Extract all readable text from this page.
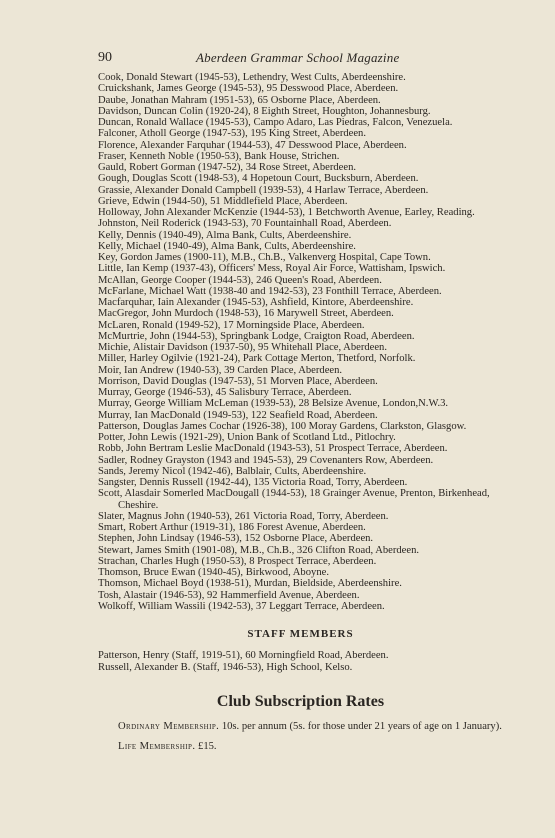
90	Aberdeen Grammar School Magazine
Cook, Donald Stewart (1945-53), Lethendry, West Cults, Aberdeenshire.
Cruickshank, James George (1945-53), 95 Desswood Place, Aberdeen.
Daube, Jonathan Mahram (1951-53), 65 Osborne Place, Aberdeen.
Davidson, Duncan Colin (1920-24), 8 Eighth Street, Houghton, Johannesburg.
Duncan, Ronald Wallace (1945-53), Campo Adaro, Las Piedras, Falcon, Venezuela.
Falconer, Atholl George (1947-53), 195 King Street, Aberdeen.
Florence, Alexander Farquhar (1944-53), 47 Desswood Place, Aberdeen.
Fraser, Kenneth Noble (1950-53), Bank House, Strichen.
Gauld, Robert Gorman (1947-52), 34 Rose Street, Aberdeen.
Gough, Douglas Scott (1948-53), 4 Hopetoun Court, Bucksburn, Aberdeen.
Grassie, Alexander Donald Campbell (1939-53), 4 Harlaw Terrace, Aberdeen.
Grieve, Edwin (1944-50), 51 Middlefield Place, Aberdeen.
Holloway, John Alexander McKenzie (1944-53), 1 Betchworth Avenue, Earley, Reading.
Johnston, Neil Roderick (1943-53), 70 Fountainhall Road, Aberdeen.
Kelly, Dennis (1940-49), Alma Bank, Cults, Aberdeenshire.
Kelly, Michael (1940-49), Alma Bank, Cults, Aberdeenshire.
Key, Gordon James (1900-11), M.B., Ch.B., Valkenverg Hospital, Cape Town.
Little, Ian Kemp (1937-43), Officers' Mess, Royal Air Force, Wattisham, Ipswich.
McAllan, George Cooper (1944-53), 246 Queen's Road, Aberdeen.
McFarlane, Michael Watt (1938-40 and 1942-53), 23 Fonthill Terrace, Aberdeen.
Macfarquhar, Iain Alexander (1945-53), Ashfield, Kintore, Aberdeenshire.
MacGregor, John Murdoch (1948-53), 16 Marywell Street, Aberdeen.
McLaren, Ronald (1949-52), 17 Morningside Place, Aberdeen.
McMurtrie, John (1944-53), Springbank Lodge, Craigton Road, Aberdeen.
Michie, Alistair Davidson (1937-50), 95 Whitehall Place, Aberdeen.
Miller, Harley Ogilvie (1921-24), Park Cottage Merton, Thetford, Norfolk.
Moir, Ian Andrew (1940-53), 39 Carden Place, Aberdeen.
Morrison, David Douglas (1947-53), 51 Morven Place, Aberdeen.
Murray, George (1946-53), 45 Salisbury Terrace, Aberdeen.
Murray, George William McLeman (1939-53), 28 Belsize Avenue, London,N.W.3.
Murray, Ian MacDonald (1949-53), 122 Seafield Road, Aberdeen.
Patterson, Douglas James Cochar (1926-38), 100 Moray Gardens, Clarkston, Glasgow.
Potter, John Lewis (1921-29), Union Bank of Scotland Ltd., Pitlochry.
Robb, John Bertram Leslie MacDonald (1943-53), 51 Prospect Terrace, Aberdeen.
Sadler, Rodney Grayston (1943 and 1945-53), 29 Covenanters Row, Aberdeen.
Sands, Jeremy Nicol (1942-46), Balblair, Cults, Aberdeenshire.
Sangster, Dennis Russell (1942-44), 135 Victoria Road, Torry, Aberdeen.
Scott, Alasdair Somerled MacDougall (1944-53), 18 Grainger Avenue, Prenton, Birkenhead, Cheshire.
Slater, Magnus John (1940-53), 261 Victoria Road, Torry, Aberdeen.
Smart, Robert Arthur (1919-31), 186 Forest Avenue, Aberdeen.
Stephen, John Lindsay (1946-53), 152 Osborne Place, Aberdeen.
Stewart, James Smith (1901-08), M.B., Ch.B., 326 Clifton Road, Aberdeen.
Strachan, Charles Hugh (1950-53), 8 Prospect Terrace, Aberdeen.
Thomson, Bruce Ewan (1940-45), Birkwood, Aboyne.
Thomson, Michael Boyd (1938-51), Murdan, Bieldside, Aberdeenshire.
Tosh, Alastair (1946-53), 92 Hammerfield Avenue, Aberdeen.
Wolkoff, William Wassili (1942-53), 37 Leggart Terrace, Aberdeen.
STAFF MEMBERS
Patterson, Henry (Staff, 1919-51), 60 Morningfield Road, Aberdeen.
Russell, Alexander B. (Staff, 1946-53), High School, Kelso.
Club Subscription Rates
Ordinary Membership. 10s. per annum (5s. for those under 21 years of age on 1 January).
Life Membership. £15.
